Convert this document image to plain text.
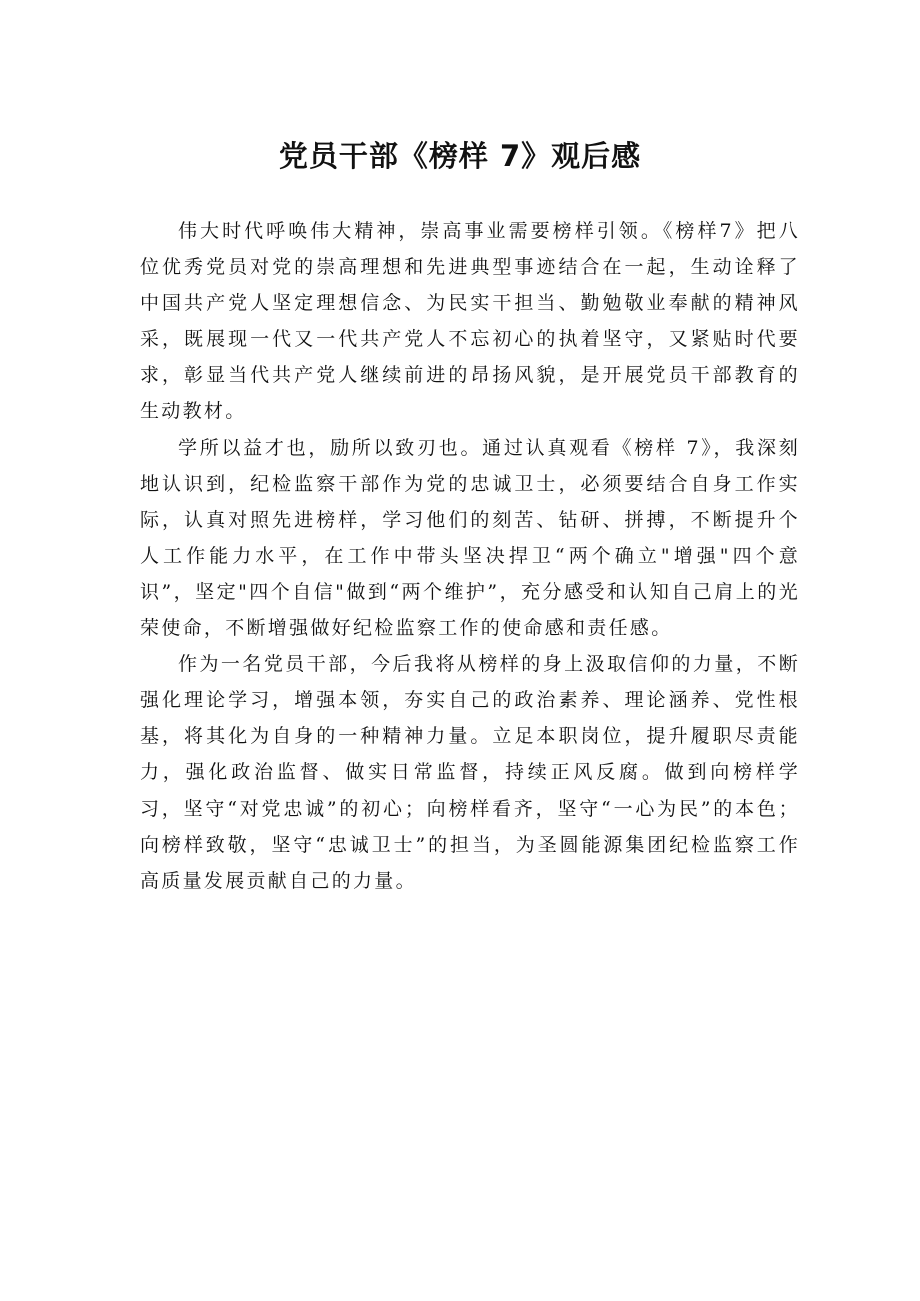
党员干部《榜样 7》观后感

伟大时代呼唤伟大精神，崇高事业需要榜样引领。《榜样7》把八位优秀党员对党的崇高理想和先进典型事迹结合在一起，生动诠释了中国共产党人坚定理想信念、为民实干担当、勤勉敬业奉献的精神风采，既展现一代又一代共产党人不忘初心的执着坚守，又紧贴时代要求，彰显当代共产党人继续前进的昂扬风貌，是开展党员干部教育的生动教材。

学所以益才也，励所以致刃也。通过认真观看《榜样 7》，我深刻地认识到，纪检监察干部作为党的忠诚卫士，必须要结合自身工作实际，认真对照先进榜样，学习他们的刻苦、钻研、拼搏，不断提升个人工作能力水平，在工作中带头坚决捍卫“两个确立"增强"四个意识”，坚定"四个自信"做到“两个维护”，充分感受和认知自己肩上的光荣使命，不断增强做好纪检监察工作的使命感和责任感。

作为一名党员干部，今后我将从榜样的身上汲取信仰的力量，不断强化理论学习，增强本领，夯实自己的政治素养、理论涵养、党性根基，将其化为自身的一种精神力量。立足本职岗位，提升履职尽责能力，强化政治监督、做实日常监督，持续正风反腐。做到向榜样学习，坚守“对党忠诚”的初心；向榜样看齐，坚守“一心为民”的本色；向榜样致敬，坚守“忠诚卫士”的担当，为圣圆能源集团纪检监察工作高质量发展贡献自己的力量。
